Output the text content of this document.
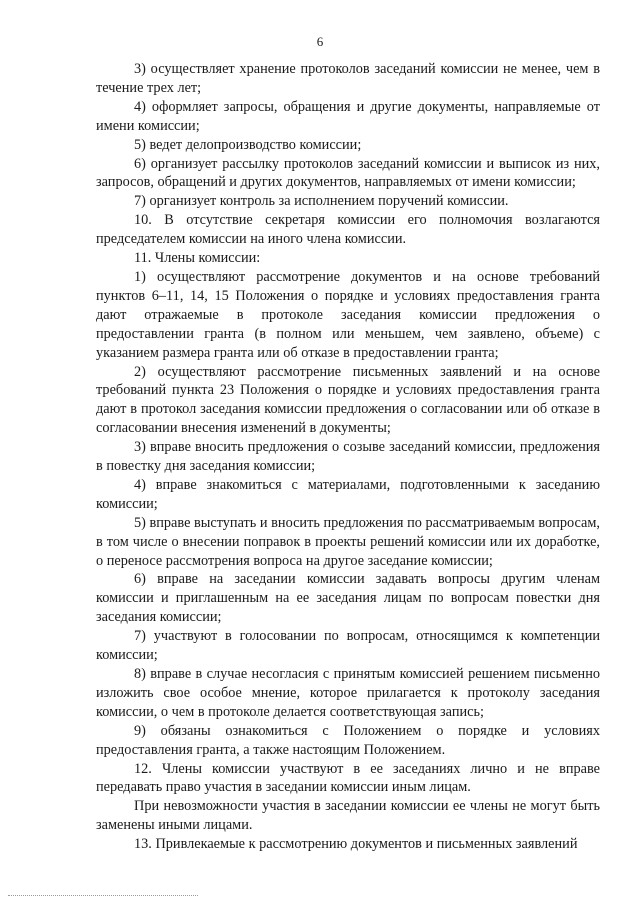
6

3) осуществляет хранение протоколов заседаний комиссии не менее, чем в течение трех лет;

4) оформляет запросы, обращения и другие документы, направляемые от имени комиссии;

5) ведет делопроизводство комиссии;

6) организует рассылку протоколов заседаний комиссии и выписок из них, запросов, обращений и других документов, направляемых от имени комиссии;

7) организует контроль за исполнением поручений комиссии.

10. В отсутствие секретаря комиссии его полномочия возлагаются председателем комиссии на иного члена комиссии.

11. Члены комиссии:

1) осуществляют рассмотрение документов и на основе требований пунктов 6–11, 14, 15 Положения о порядке и условиях предоставления гранта дают отражаемые в протоколе заседания комиссии предложения о предоставлении гранта (в полном или меньшем, чем заявлено, объеме) с указанием размера гранта или об отказе в предоставлении гранта;

2) осуществляют рассмотрение письменных заявлений и на основе требований пункта 23 Положения о порядке и условиях предоставления гранта дают в протокол заседания комиссии предложения о согласовании или об отказе в согласовании внесения изменений в документы;

3) вправе вносить предложения о созыве заседаний комиссии, предложения в повестку дня заседания комиссии;

4) вправе знакомиться с материалами, подготовленными к заседанию комиссии;

5) вправе выступать и вносить предложения по рассматриваемым вопросам, в том числе о внесении поправок в проекты решений комиссии или их доработке, о переносе рассмотрения вопроса на другое заседание комиссии;

6) вправе на заседании комиссии задавать вопросы другим членам комиссии и приглашенным на ее заседания лицам по вопросам повестки дня заседания комиссии;

7) участвуют в голосовании по вопросам, относящимся к компетенции комиссии;

8) вправе в случае несогласия с принятым комиссией решением письменно изложить свое особое мнение, которое прилагается к протоколу заседания комиссии, о чем в протоколе делается соответствующая запись;

9) обязаны ознакомиться с Положением о порядке и условиях предоставления гранта, а также настоящим Положением.

12. Члены комиссии участвуют в ее заседаниях лично и не вправе передавать право участия в заседании комиссии иным лицам.

При невозможности участия в заседании комиссии ее члены не могут быть заменены иными лицами.

13. Привлекаемые к рассмотрению документов и письменных заявлений
